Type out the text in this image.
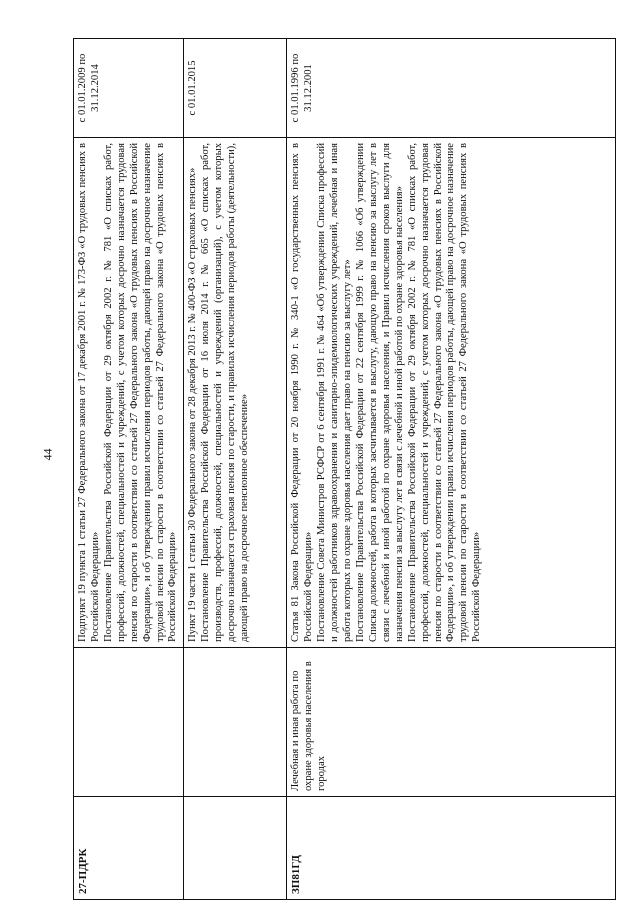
44
27-ПДРК		Подпункт 19 пункта 1 статьи 27 Федерального закона от 17 декабря 2001 г. № 173-ФЗ «О трудовых пенсиях в Российской Федерации» Постановление Правительства Российской Федерации от 29 октября 2002 г. № 781 «О списках работ, профессий, должностей, специальностей и учреждений, с учетом которых досрочно назначается трудовая пенсия по старости в соответствии со статьей 27 Федерального закона «О трудовых пенсиях в Российской Федерации», и об утверждении правил исчисления периодов работы, дающей право на досрочное назначение трудовой пенсии по старости в соответствии со статьей 27 Федерального закона «О трудовых пенсиях в Российской Федерации»	с 01.01.2009 по 31.12.2014

		Пункт 19 части 1 статьи 30 Федерального закона от 28 декабря 2013 г. № 400-ФЗ «О страховых пенсиях» Постановление Правительства Российской Федерации от 16 июля 2014 г. № 665 «О списках работ, производств, профессий, должностей, специальностей и учреждений (организаций), с учетом которых досрочно назначается страховая пенсия по старости, и правилах исчисления периодов работы (деятельности), дающей право на досрочное пенсионное обеспечение»	с 01.01.2015
ЗП81ГД	Лечебная и иная работа по охране здоровья населения в городах	Статья 81 Закона Российской Федерации от 20 ноября 1990 г. № 340-1 «О государственных пенсиях в Российской Федерации» Постановление Совета Министров РСФСР от 6 сентября 1991 г. № 464 «Об утверждении Списка профессий и должностей работников здравоохранения и санитарно-эпидемиологических учреждений, лечебная и иная работа которых по охране здоровья населения дает право на пенсию за выслугу лет» Постановление Правительства Российской Федерации от 22 сентября 1999 г. № 1066 «Об утверждении Списка должностей, работа в которых засчитывается в выслугу, дающую право на пенсию за выслугу лет в связи с лечебной и иной работой по охране здоровья населения, и Правил исчисления сроков выслуги для назначения пенсии за выслугу лет в связи с лечебной и иной работой по охране здоровья населения» Постановление Правительства Российской Федерации от 29 октября 2002 г. № 781 «О списках работ, профессий, должностей, специальностей и учреждений, с учетом которых досрочно назначается трудовая пенсия по старости в соответствии со статьей 27 Федерального закона «О трудовых пенсиях в Российской Федерации», и об утверждении правил исчисления периодов работы, дающей право на досрочное назначение трудовой пенсии по старости в соответствии со статьей 27 Федерального закона «О трудовых пенсиях в Российской Федерации»	с 01.01.1996 по 31.12.2001
